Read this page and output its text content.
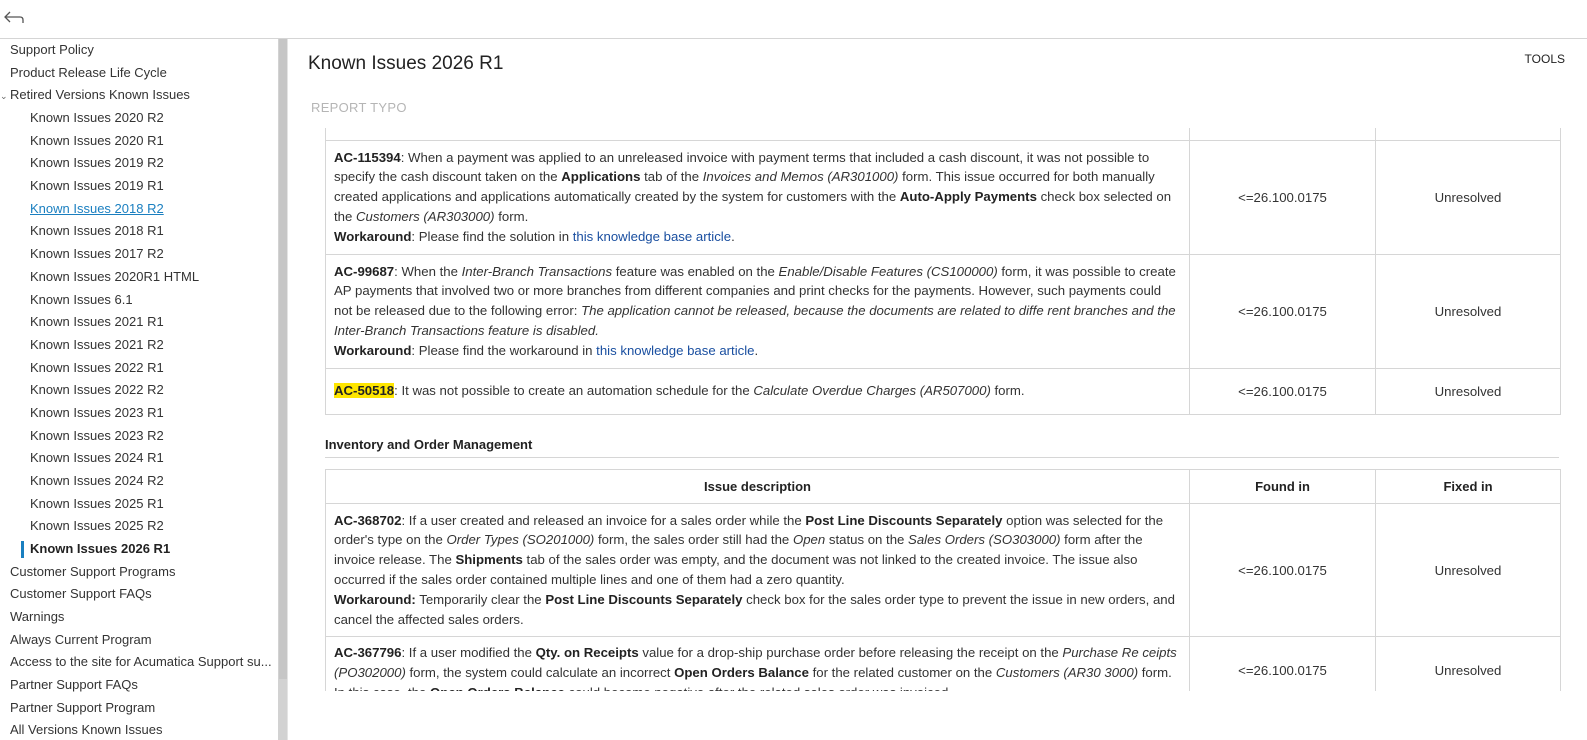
Support Policy
Product Release Life Cycle
⌄ Retired Versions Known Issues
Known Issues 2020 R2
Known Issues 2020 R1
Known Issues 2019 R2
Known Issues 2019 R1
Known Issues 2018 R2
Known Issues 2018 R1
Known Issues 2017 R2
Known Issues 2020R1 HTML
Known Issues 6.1
Known Issues 2021 R1
Known Issues 2021 R2
Known Issues 2022 R1
Known Issues 2022 R2
Known Issues 2023 R1
Known Issues 2023 R2
Known Issues 2024 R1
Known Issues 2024 R2
Known Issues 2025 R1
Known Issues 2025 R2
Known Issues 2026 R1
Customer Support Programs
Customer Support FAQs
Warnings
Always Current Program
Access to the site for Acumatica Support su...
Partner Support FAQs
Partner Support Program
All Versions Known Issues
Known Issues 2026 R1	TOOLS
REPORT TYPO

AC-115394: When a payment was applied to an unreleased invoice with payment terms that included a cash discount, it was not possible to specify the cash discount taken on the Applications tab of the Invoices and Memos (AR301000) form. This issue occurred for both manually created applications and applications automatically created by the system for customers with the Auto-Apply Payments check box selected on the Customers (AR303000) form.
Workaround: Please find the solution in this knowledge base article.	<=26.100.0175	Unresolved
AC-99687: When the Inter-Branch Transactions feature was enabled on the Enable/Disable Features (CS100000) form, it was possible to create AP payments that involved two or more branches from different companies and print checks for the payments. However, such payments could not be released due to the following error: The application cannot be released, because the documents are related to diffe rent branches and the Inter-Branch Transactions feature is disabled.
Workaround: Please find the workaround in this knowledge base article.	<=26.100.0175	Unresolved
AC-50518: It was not possible to create an automation schedule for the Calculate Overdue Charges (AR507000) form.	<=26.100.0175	Unresolved
Inventory and Order Management
Issue description	Found in	Fixed in
AC-368702: If a user created and released an invoice for a sales order while the Post Line Discounts Separately option was selected for the order's type on the Order Types (SO201000) form, the sales order still had the Open status on the Sales Orders (SO303000) form after the invoice release. The Shipments tab of the sales order was empty, and the document was not linked to the created invoice. The issue also occurred if the sales order contained multiple lines and one of them had a zero quantity.
Workaround: Temporarily clear the Post Line Discounts Separately check box for the sales order type to prevent the issue in new orders, and cancel the affected sales orders.	<=26.100.0175	Unresolved
AC-367796: If a user modified the Qty. on Receipts value for a drop-ship purchase order before releasing the receipt on the Purchase Re ceipts (PO302000) form, the system could calculate an incorrect Open Orders Balance for the related customer on the Customers (AR30 3000) form.	<=26.100.0175	Unresolved
